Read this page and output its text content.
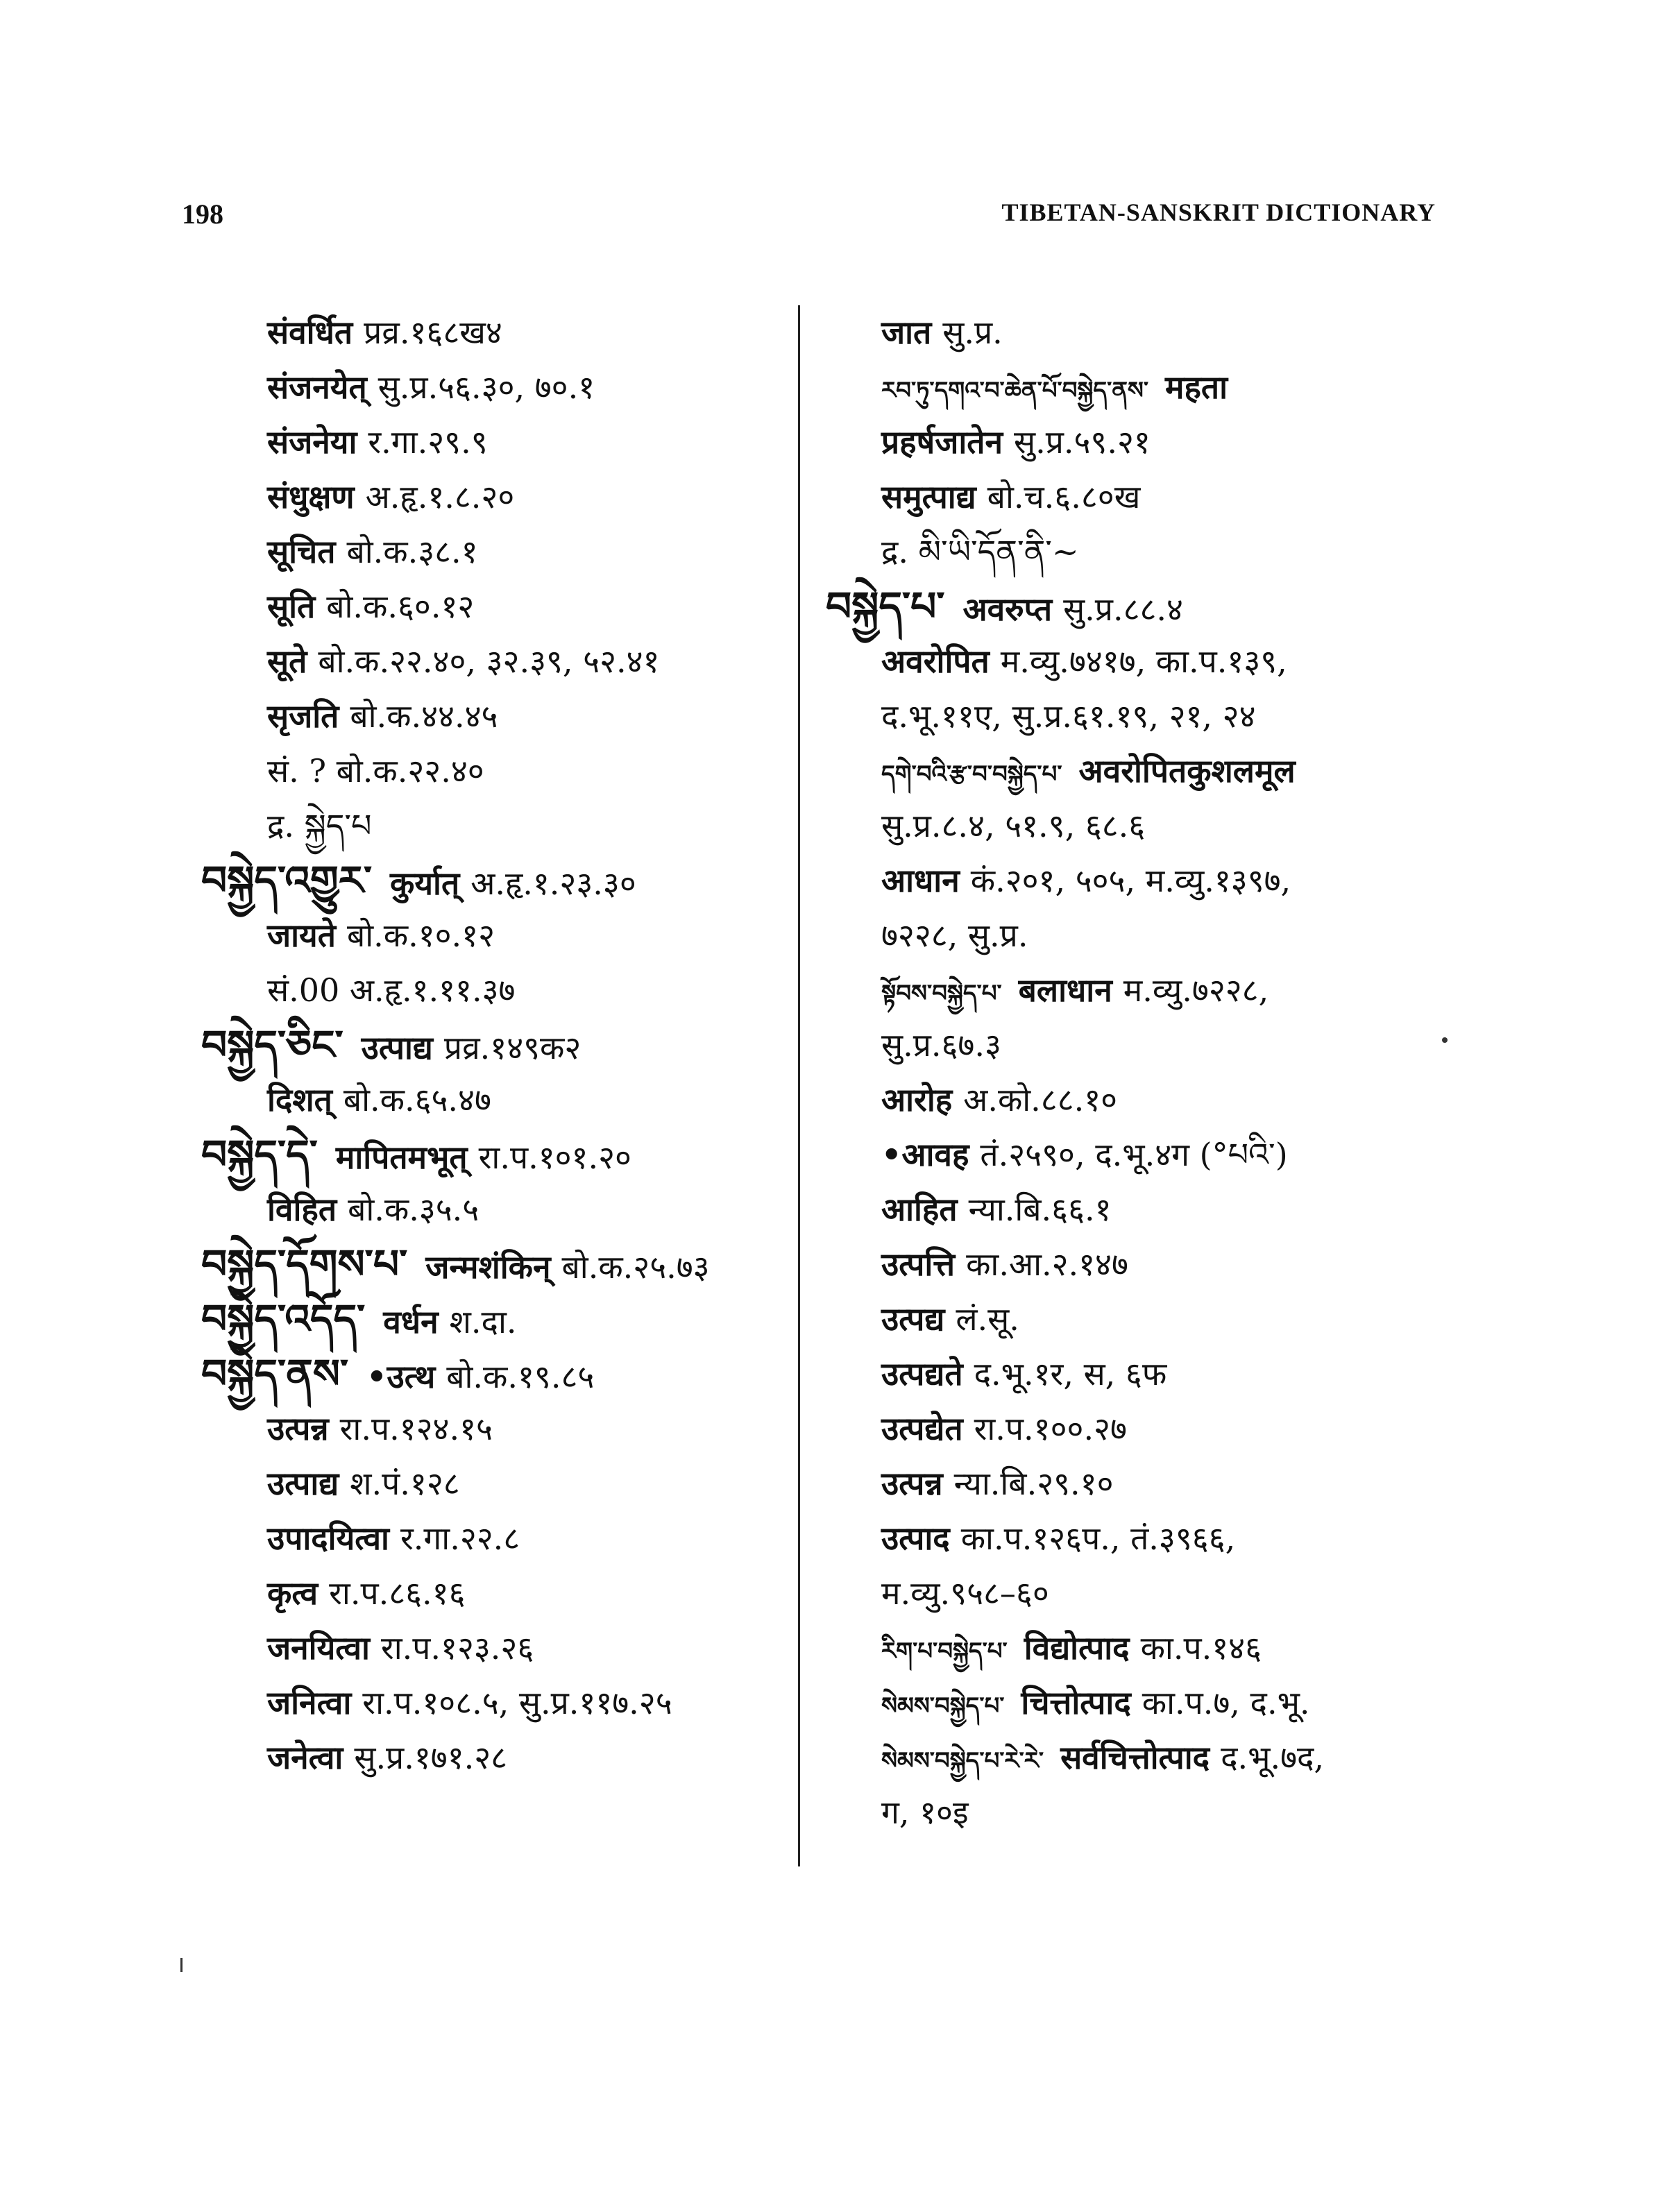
198	TIBETAN-SANSKRIT DICTIONARY
संवर्धित प्रव्र.१६८ख४
संजनयेत् सु.प्र.५६.३०, ७०.१
संजनेया र.गा.२९.९
संधुक्षण अ.हृ.१.८.२०
सूचित बो.क.३८.१
सूति बो.क.६०.१२
सूते बो.क.२२.४०, ३२.३९, ५२.४१
सृजति बो.क.४४.४५
सं. ? बो.क.२२.४०
द्र. སྐྱེད་པ
བསྐྱེད་འགྱུར་ कुर्यात् अ.हृ.१.२३.३०
जायते बो.क.१०.१२
सं.00 अ.हृ.१.११.३७
བསྐྱེད་ཅིང་ उत्पाद्य प्रव्र.१४९क२
दिशत् बो.क.६५.४७
བསྐྱེད་དེ་ मापितमभूत् रा.प.१०१.२०
विहित बो.क.३५.५
བསྐྱེད་དོགས་པ་ जन्मशंकिन् बो.क.२५.७३
བསྐྱེད་འདོད་ वर्धन श.दा.
བསྐྱེད་ནས་ •उत्थ बो.क.१९.८५
उत्पन्न रा.प.१२४.१५
उत्पाद्य श.पं.१२८
उपादयित्वा र.गा.२२.८
कृत्व रा.प.८६.१६
जनयित्वा रा.प.१२३.२६
जनित्वा रा.प.१०८.५, सु.प्र.११७.२५
जनेत्वा सु.प्र.१७१.२८
जात सु.प्र.
རབ་ཏུ་དགའ་བ་ཆེན་པོ་བསྐྱེད་ནས་ महता
प्रहर्षजातेन सु.प्र.५९.२१
समुत्पाद्य बो.च.६.८०ख
द्र. མི་ཡི་དོན་ནི་~
བསྐྱེད་པ་ अवरुप्त सु.प्र.८८.४
अवरोपित म.व्यु.७४१७, का.प.१३९,
द.भू.११ए, सु.प्र.६१.१९, २१, २४
དགེ་བའི་རྩ་བ་བསྐྱེད་པ་ अवरोपितकुशलमूल
सु.प्र.८.४, ५१.९, ६८.६
आधान कं.२०१, ५०५, म.व्यु.१३९७,
७२२८, सु.प्र.
སྟོབས་བསྐྱེད་པ་ बलाधान म.व्यु.७२२८,
सु.प्र.६७.३
आरोह अ.को.८८.१०
•आवह तं.२५९०, द.भू.४ग (°པའི་)
आहित न्या.बि.६६.१
उत्पत्ति का.आ.२.१४७
उत्पद्य लं.सू.
उत्पद्यते द.भू.१र, स, ६फ
उत्पद्येत रा.प.१००.२७
उत्पन्न न्या.बि.२९.१०
उत्पाद का.प.१२६प., तं.३९६६,
म.व्यु.९५८–६०
རིག་པ་བསྐྱེད་པ་ विद्योत्पाद का.प.१४६
སེམས་བསྐྱེད་པ་ चित्तोत्पाद का.प.७, द.भू.
སེམས་བསྐྱེད་པ་རེ་རེ་ सर्वचित्तोत्पाद द.भू.७द,
ग, १०इ
